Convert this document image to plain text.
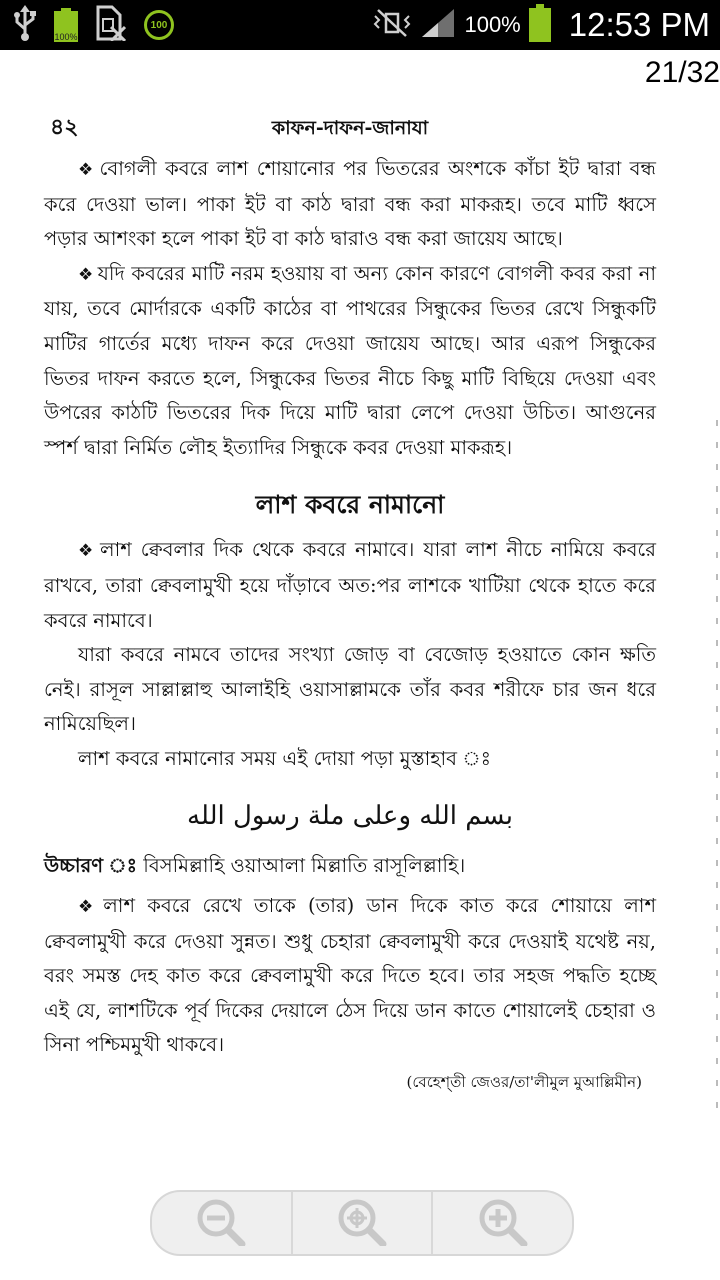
100%
100	100% 12:53 PM
21/32
৪২	কাফন-দাফন-জানাযা

❖ বোগলী কবরে লাশ শোয়ানোর পর ভিতরের অংশকে কাঁচা ইট দ্বারা বন্ধ করে দেওয়া ভাল। পাকা ইট বা কাঠ দ্বারা বন্ধ করা মাকরূহ। তবে মাটি ধ্বসে পড়ার আশংকা হলে পাকা ইট বা কাঠ দ্বারাও বন্ধ করা জায়েয আছে।

❖ যদি কবরের মাটি নরম হওয়ায় বা অন্য কোন কারণে বোগলী কবর করা না যায়, তবে মোর্দারকে একটি কাঠের বা পাথরের সিন্ধুকের ভিতর রেখে সিন্ধুকটি মাটির গার্তের মধ্যে দাফন করে দেওয়া জায়েয আছে। আর এরূপ সিন্ধুকের ভিতর দাফন করতে হলে, সিন্ধুকের ভিতর নীচে কিছু মাটি বিছিয়ে দেওয়া এবং উপরের কাঠটি ভিতরের দিক দিয়ে মাটি দ্বারা লেপে দেওয়া উচিত। আগুনের স্পর্শ দ্বারা নির্মিত লৌহ ইত্যাদির সিন্ধুকে কবর দেওয়া মাকরূহ।

লাশ কবরে নামানো

❖ লাশ ক্বেবলার দিক থেকে কবরে নামাবে। যারা লাশ নীচে নামিয়ে কবরে রাখবে, তারা ক্বেবলামুখী হয়ে দাঁড়াবে অত:পর লাশকে খাটিয়া থেকে হাতে করে কবরে নামাবে।

যারা কবরে নামবে তাদের সংখ্যা জোড় বা বেজোড় হওয়াতে কোন ক্ষতি নেই। রাসূল সাল্লাল্লাহু আলাইহি ওয়াসাল্লামকে তাঁর কবর শরীফে চার জন ধরে নামিয়েছিল।

লাশ কবরে নামানোর সময় এই দোয়া পড়া মুস্তাহাব ঃ

بسم الله وعلى ملة رسول الله

উচ্চারণ ঃ বিসমিল্লাহি ওয়াআলা মিল্লাতি রাসূলিল্লাহি।

❖ লাশ কবরে রেখে তাকে (তার) ডান দিকে কাত করে শোয়ায়ে লাশ ক্বেবলামুখী করে দেওয়া সুন্নত। শুধু চেহারা ক্বেবলামুখী করে দেওয়াই যথেষ্ট নয়, বরং সমস্ত দেহ কাত করে ক্বেবলামুখী করে দিতে হবে। তার সহজ পদ্ধতি হচ্ছে এই যে, লাশটিকে পূর্ব দিকের দেয়ালে ঠেস দিয়ে ডান কাতে শোয়ালেই চেহারা ও সিনা পশ্চিমমুখী থাকবে।

(বেহেশ্‌তী জেওর/তা'লীমুল মুআল্লিমীন)
